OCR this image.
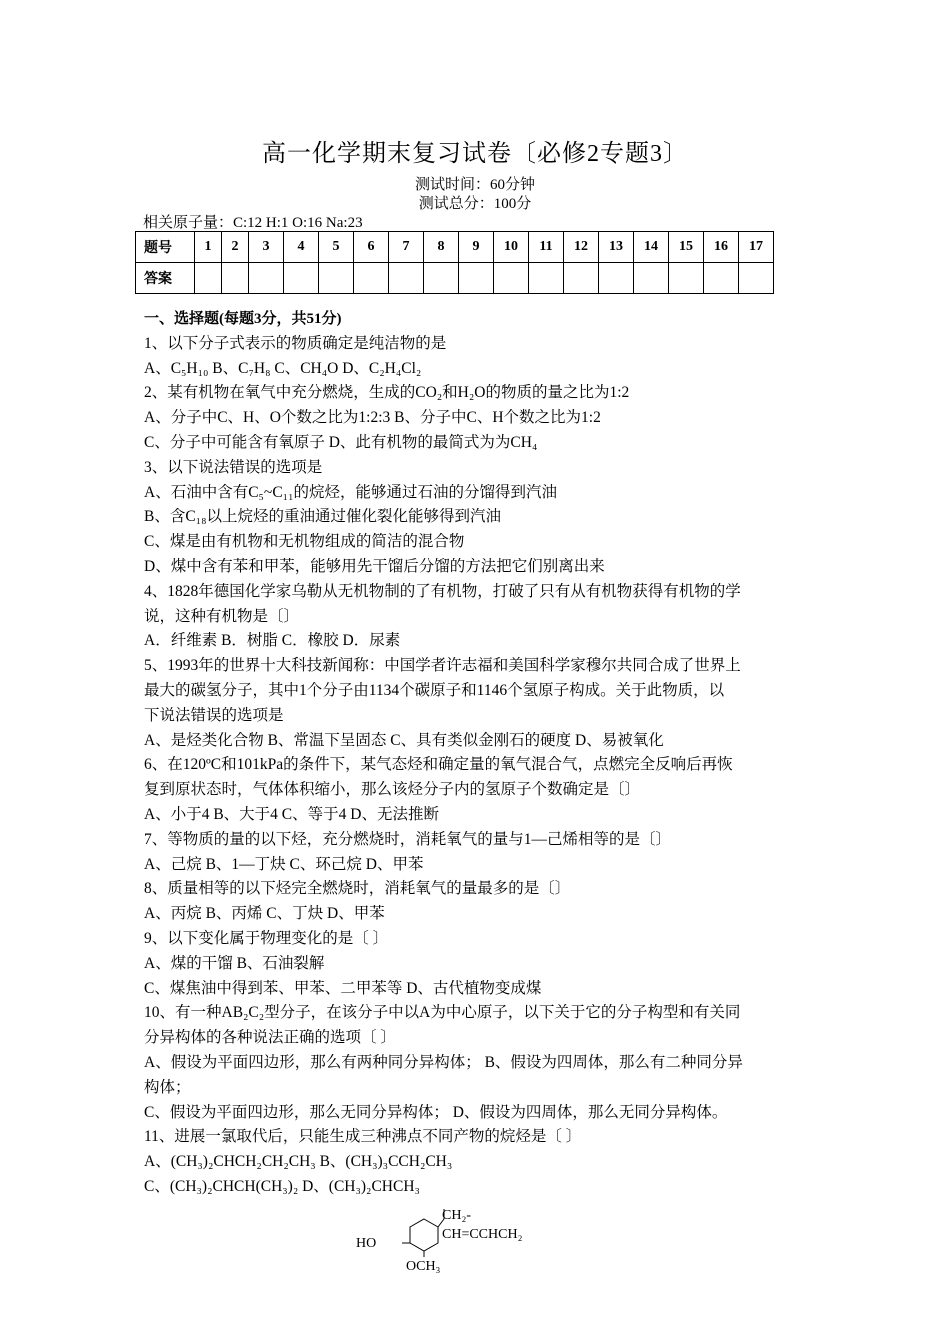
高一化学期末复习试卷〔必修2专题3〕
测试时间：60分钟
测试总分：100分
相关原子量：C:12 H:1 O:16 Na:23
题号	1	2	3	4	5	6	7	8	9	10	11	12	13	14	15	16	17
答案																	

一、选择题(每题3分，共51分)

1、以下分子式表示的物质确定是纯洁物的是

A、C₅H₁₀ B、C₇H₈ C、CH₄O D、C₂H₄Cl₂

2、某有机物在氧气中充分燃烧，生成的CO₂和H₂O的物质的量之比为1:2

A、分子中C、H、O个数之比为1:2:3 B、分子中C、H个数之比为1:2

C、分子中可能含有氧原子 D、此有机物的最简式为为CH₄

3、以下说法错误的选项是

A、石油中含有C₅~C₁₁的烷烃，能够通过石油的分馏得到汽油

B、含C₁₈以上烷烃的重油通过催化裂化能够得到汽油

C、煤是由有机物和无机物组成的简洁的混合物

D、煤中含有苯和甲苯，能够用先干馏后分馏的方法把它们别离出来

4、1828年德国化学家乌勒从无机物制的了有机物，打破了只有从有机物获得有机物的学

说，这种有机物是〔〕

A．纤维素 B．树脂 C．橡胶 D．尿素

5、1993年的世界十大科技新闻称：中国学者许志福和美国科学家穆尔共同合成了世界上

最大的碳氢分子，其中1个分子由1134个碳原子和1146个氢原子构成。关于此物质，以

下说法错误的选项是

A、是烃类化合物 B、常温下呈固态 C、具有类似金刚石的硬度 D、易被氧化

6、在120ºC和101kPa的条件下，某气态烃和确定量的氧气混合气，点燃完全反响后再恢

复到原状态时，气体体积缩小，那么该烃分子内的氢原子个数确定是〔〕

A、小于4 B、大于4 C、等于4 D、无法推断

7、等物质的量的以下烃，充分燃烧时，消耗氧气的量与1—己烯相等的是〔〕

A、己烷 B、1—丁炔 C、环己烷 D、甲苯

8、质量相等的以下烃完全燃烧时，消耗氧气的量最多的是〔〕

A、丙烷 B、丙烯 C、丁炔 D、甲苯

9、以下变化属于物理变化的是〔 〕

A、煤的干馏 B、石油裂解

C、煤焦油中得到苯、甲苯、二甲苯等 D、古代植物变成煤

10、有一种AB₂C₂型分子，在该分子中以A为中心原子，以下关于它的分子构型和有关同

分异构体的各种说法正确的选项〔 〕

A、假设为平面四边形，那么有两种同分异构体； B、假设为四周体，那么有二种同分异

构体；

C、假设为平面四边形，那么无同分异构体； D、假设为四周体，那么无同分异构体。

11、进展一氯取代后，只能生成三种沸点不同产物的烷烃是〔 〕

A、(CH₃)₂CHCH₂CH₂CH₃ B、(CH₃)₃CCH₂CH₃

C、(CH₃)₂CHCH(CH₃)₂ D、(CH₃)₂CHCH₃

CH₂-
CH=CCHCH₂
HO
OCH₃
